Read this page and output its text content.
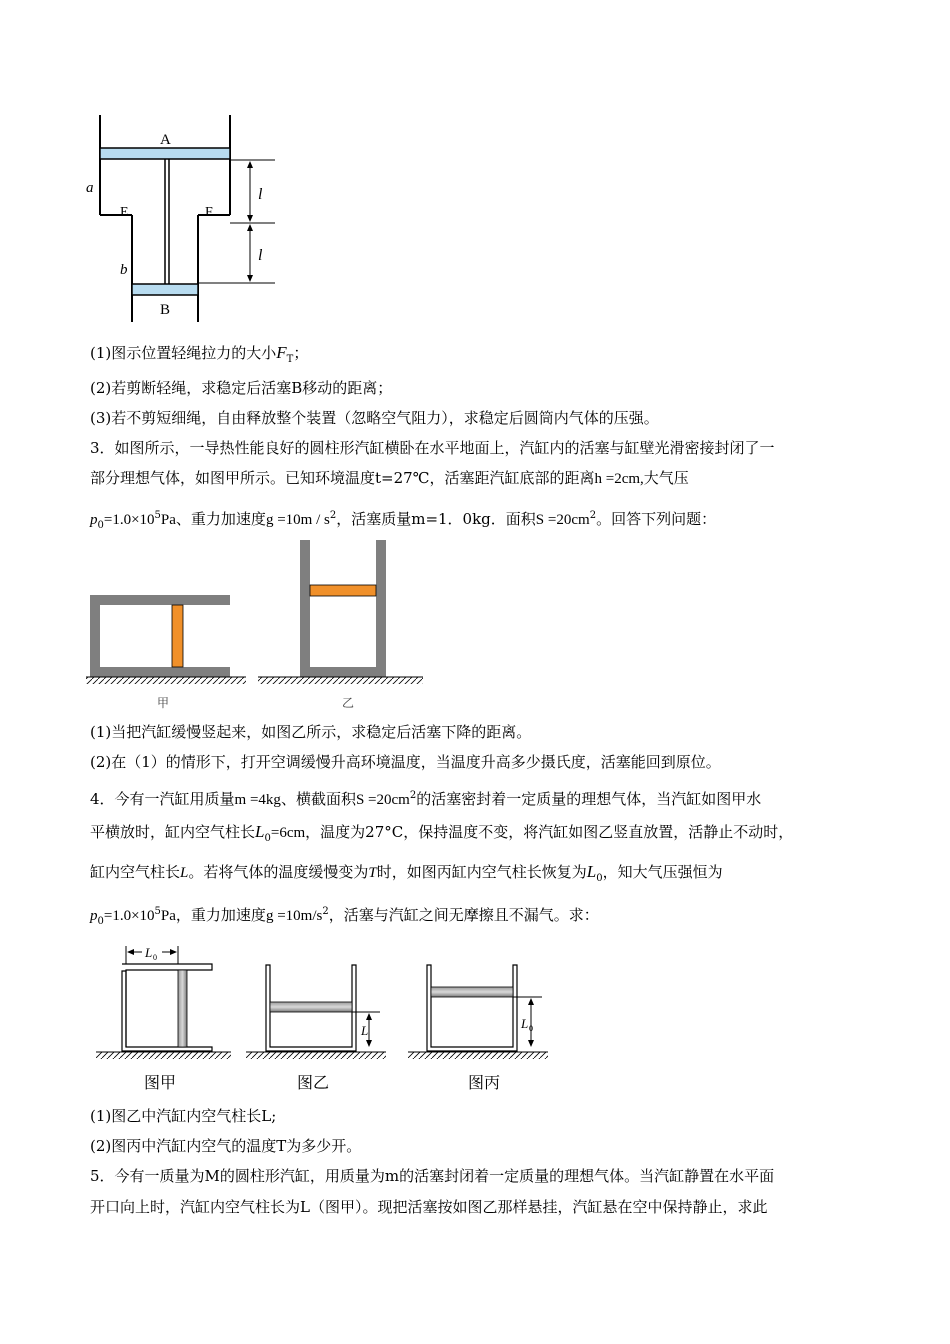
A
B
E	F
a
b
l
l
(1)图示位置轻绳拉力的大小$F_T$；
(2)若剪断轻绳，求稳定后活塞B移动的距离；
(3)若不剪短细绳，自由释放整个装置（忽略空气阻力），求稳定后圆筒内气体的压强。
3．如图所示，一导热性能良好的圆柱形汽缸横卧在水平地面上，汽缸内的活塞与缸壁光滑密接封闭了一
部分理想气体，如图甲所示。已知环境温度t=27℃，活塞距汽缸底部的距离h =2cm,大气压
$p_0=1.0\times 10^5Pa$、重力加速度$g =10m / s^2$，活塞质量m=1．0kg．面积$S =20cm^2$。回答下列问题：
甲	乙
(1)当把汽缸缓慢竖起来，如图乙所示，求稳定后活塞下降的距离。
(2)在（1）的情形下，打开空调缓慢升高环境温度，当温度升高多少摄氏度，活塞能回到原位。
4．今有一汽缸用质量m =4kg、横截面积$S =20cm^2$的活塞密封着一定质量的理想气体，当汽缸如图甲水
平横放时，缸内空气柱长$L_0=6cm$，温度为27°C，保持温度不变，将汽缸如图乙竖直放置，活静止不动时，
缸内空气柱长L。若将气体的温度缓慢变为T时，如图丙缸内空气柱长恢复为$L_0$，知大气压强恒为
$p_0=1.0\times 10^5Pa$，重力加速度$g =10m/s^2$，活塞与汽缸之间无摩擦且不漏气。求：
L 0
L	L 0
图甲	图乙	图丙
(1)图乙中汽缸内空气柱长L;
(2)图丙中汽缸内空气的温度T为多少开。
5．今有一质量为M的圆柱形汽缸，用质量为m的活塞封闭着一定质量的理想气体。当汽缸静置在水平面
开口向上时，汽缸内空气柱长为L（图甲）。现把活塞按如图乙那样悬挂，汽缸悬在空中保持静止，求此
